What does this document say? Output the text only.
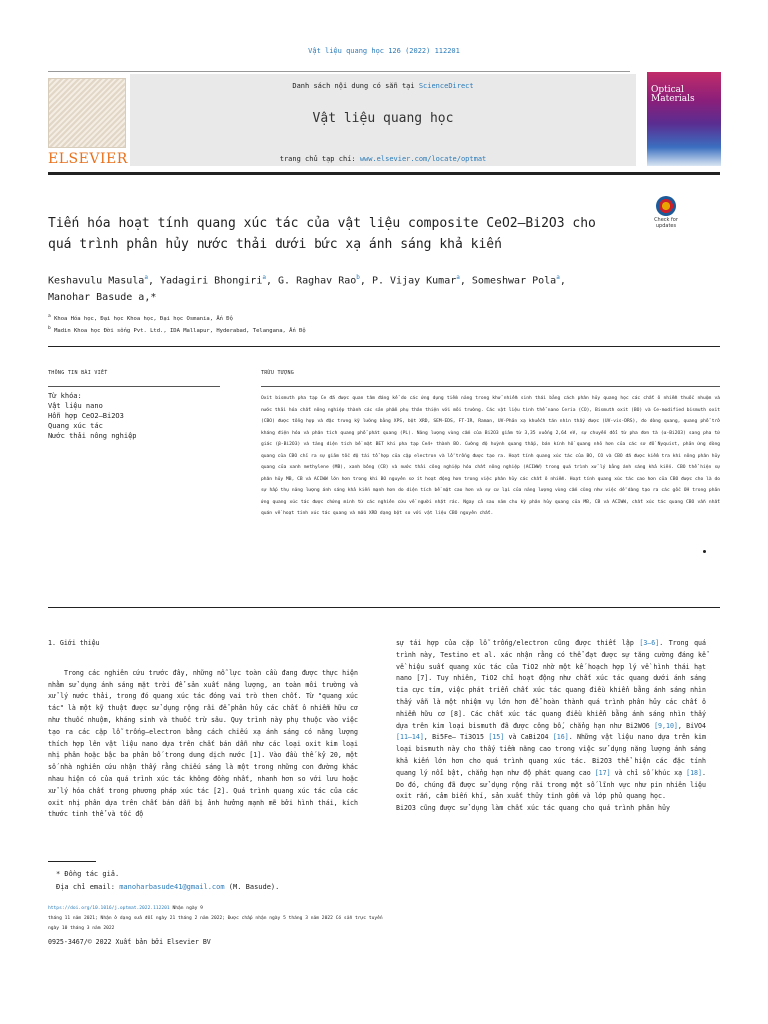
Vật liệu quang học 126 (2022) 112201
ELSEVIER
Danh sách nội dung có sẵn tại ScienceDirect
Vật liệu quang học
trang chủ tạp chí: www.elsevier.com/locate/optmat
Optical
Materials
Tiến hóa hoạt tính quang xúc tác của vật liệu composite CeO2–Bi2O3 cho quá trình phân hủy nước thải dưới bức xạ ánh sáng khả kiến
Check for
updates
Keshavulu Masula$^a$, Yadagiri Bhongiri$^a$, G. Raghav Rao$^b$, P. Vijay Kumar$^a$, Someshwar Pola$^a$,
Manohar Basude a,*
$^a$ Khoa Hóa học, Đại học Khoa học, Đại học Osmania, Ấn Độ
$^b$ Madin Khoa học Đời sống Pvt. Ltd., IDA Mallapur, Hyderabad, Telangana, Ấn Độ
THÔNG TIN BÀI VIẾT
Từ khóa:
Vật liệu nano
Hỗn hợp CeO2–Bi2O3
Quang xúc tác
Nước thải nông nghiệp
TRỪU TƯỢNG
Oxit bismuth pha tạp Ce đã được quan tâm đáng kể do các ứng dụng tiềm năng trong khử nhiễm sinh thái bằng cách phân hủy quang học các chất ô nhiễm thuốc nhuộm và nước thải hóa chất nông nghiệp thành các sản phẩm phụ thân thiện với môi trường. Các vật liệu tinh thể nano Ceria (CO), Bismuth oxit (BO) và Ce-modified bismuth oxit (CBO) được tổng hợp và đặc trưng kỹ lưỡng bằng XPS, bột XRD, SEM-EDS, FT-IR, Raman, UV-Phản xạ khuếch tán nhìn thấy được (UV-vis-DRS), đo dòng quang, quang phổ trở kháng điện hóa và phân tích quang phổ phát quang (PL). Năng lượng vùng cấm của Bi2O3 giảm từ 3,35 xuống 2,64 eV, sự chuyển đổi từ pha đơn tà (α-Bi2O3) sang pha tứ giác (β-Bi2O3) và tăng diện tích bề mặt BET khi pha tạp Ce4+ thành BO. Cường độ huỳnh quang thấp, bán kính hồ quang nhỏ hơn của các sơ đồ Nyquist, phản ứng dòng quang của CBO chỉ ra sự giảm tốc độ tái tổ hợp của cặp electron và lỗ trống được tạo ra. Hoạt tính quang xúc tác của BO, CO và CBO đã được kiểm tra khi nông phân hủy quang của xanh methylene (MB), xanh bông (CB) và nước thải công nghiệp hóa chất nông nghiệp (ACIWW) trong quá trình xử lý bằng ánh sáng khả kiến. CBO thể hiện sự phân hủy MB, CB và ACIWW lớn hơn trong khi BO nguyên sơ ít hoạt động hơn trong việc phân hủy các chất ô nhiễm. Hoạt tính quang xúc tác cao hơn của CBO được cho là do sự hấp thụ năng lượng ánh sáng khả kiến mạnh hơn do diện tích bề mặt cao hơn và sự cư lại của năng lượng vùng cấm cũng như việc dễ dàng tạo ra các gốc OH trong phản ứng quang xúc tác được chứng minh từ các nghiên cứu về người nhặt rác. Ngay cả sau năm chu kỳ phân hủy quang của MB, CB và ACIWW, chất xúc tác quang CBO vẫn nhất quán về hoạt tính xúc tác quang và mẫu XRD dạng bột so với vật liệu CBO nguyên chất.
1. Giới thiệu

Trong các nghiên cứu trước đây, những nỗ lực toàn cầu đang được thực hiện nhằm sử dụng ánh sáng mặt trời để sản xuất năng lượng, an toàn môi trường và xử lý nước thải, trong đó quang xúc tác đóng vai trò then chốt. Từ "quang xúc tác" là một kỹ thuật được sử dụng rộng rãi để phân hủy các chất ô nhiễm hữu cơ như thuốc nhuộm, kháng sinh và thuốc trừ sâu. Quy trình này phụ thuộc vào việc tạo ra các cặp lỗ trống–electron bằng cách chiếu xạ ánh sáng có năng lượng thích hợp lên vật liệu nano dựa trên chất bán dẫn như các loại oxit kim loại nhị phân hoặc bậc ba phân bố trong dung dịch nước [1]. Vào đầu thế kỷ 20, một số nhà nghiên cứu nhận thấy rằng chiếu sáng là một trong những con đường khác nhau hiện có của quá trình xúc tác không đồng nhất, nhanh hơn so với lưu hoặc xử lý hóa chất trong phương pháp xúc tác [2]. Quá trình quang xúc tác của các oxit nhị phân dựa trên chất bán dẫn bị ảnh hưởng mạnh mẽ bởi hình thái, kích thước tinh thể và tốc độ

sự tái hợp của cặp lỗ trống/electron cũng được thiết lập [3–6]. Trong quá trình này, Testino et al. xác nhận rằng có thể đạt được sự tăng cường đáng kể về hiệu suất quang xúc tác của TiO2 nhờ một kế hoạch hợp lý về hình thái hạt nano [7]. Tuy nhiên, TiO2 chỉ hoạt động như chất xúc tác quang dưới ánh sáng tia cực tím, việc phát triển chất xúc tác quang điều khiển bằng ánh sáng nhìn thấy vẫn là một nhiệm vụ lớn hơn để hoàn thành quá trình phân hủy các chất ô nhiễm hữu cơ [8]. Các chất xúc tác quang điều khiển bằng ánh sáng nhìn thấy dựa trên kim loại bismuth đã được công bố, chẳng hạn như Bi2WO6 [9,10], BiVO4 [11–14], Bi5Fe– Ti3O15 [15] và CaBi2O4 [16]. Những vật liệu nano dựa trên kim loại bismuth này cho thấy tiềm năng cao trong việc sử dụng năng lượng ánh sáng khả kiến lớn hơn cho quá trình quang xúc tác. Bi2O3 thể hiện các đặc tính quang lý nổi bật, chẳng hạn như độ phát quang cao [17] và chỉ số khúc xạ [18]. Do đó, chúng đã được sử dụng rộng rãi trong một số lĩnh vực như pin nhiên liệu oxit rắn, cảm biến khí, sản xuất thủy tinh gốm và lớp phủ quang học.

Bi2O3 cũng được sử dụng làm chất xúc tác quang cho quá trình phân hủy

* Đồng tác giả.
Địa chỉ email: manoharbasude41@gmail.com (M. Basude).
https://doi.org/10.1016/j.optmat.2022.112201 Nhận ngày 9
tháng 11 năm 2021; Nhận ở dạng sửa đổi ngày 21 tháng 2 năm 2022; Được chấp nhận ngày 5 tháng 3 năm 2022 Có sẵn trực tuyến
ngày 10 tháng 3 năm 2022
0925-3467/© 2022 Xuất bản bởi Elsevier BV
